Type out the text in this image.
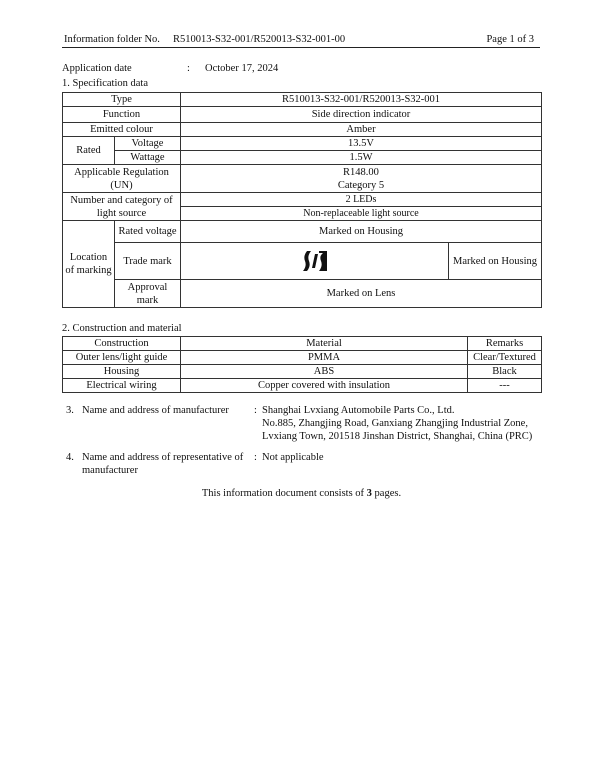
Information folder No. R510013-S32-001/R520013-S32-001-00	Page 1 of 3
Application date	: October 17, 2024
1. Specification data
Type		R510013-S32-001/R520013-S32-001	
Function		Side direction indicator	
Emitted colour		Amber	
Rated	Voltage	13.5V	
	Wattage	1.5W	
Applicable Regulation (UN)		R148.00
Category 5	

Number and category of light source		2 LEDs	
		Non-replaceable light source	
Location of marking	Rated voltage	Marked on Housing	
	Trade mark		Marked on Housing
	Approval mark	Marked on Lens	
2. Construction and material
Construction	Material	Remarks
Outer lens/light guide	PMMA	Clear/Textured
Housing	ABS	Black
Electrical wiring	Copper covered with insulation	---
3. Name and address of manufacturer : Shanghai Lvxiang Automobile Parts Co., Ltd.
No.885, Zhangjing Road, Ganxiang Zhangjing Industrial Zone,
Lvxiang Town, 201518 Jinshan District, Shanghai, China (PRC)
4. Name and address of representative of
manufacturer
: Not applicable
This information document consists of 3 pages.
